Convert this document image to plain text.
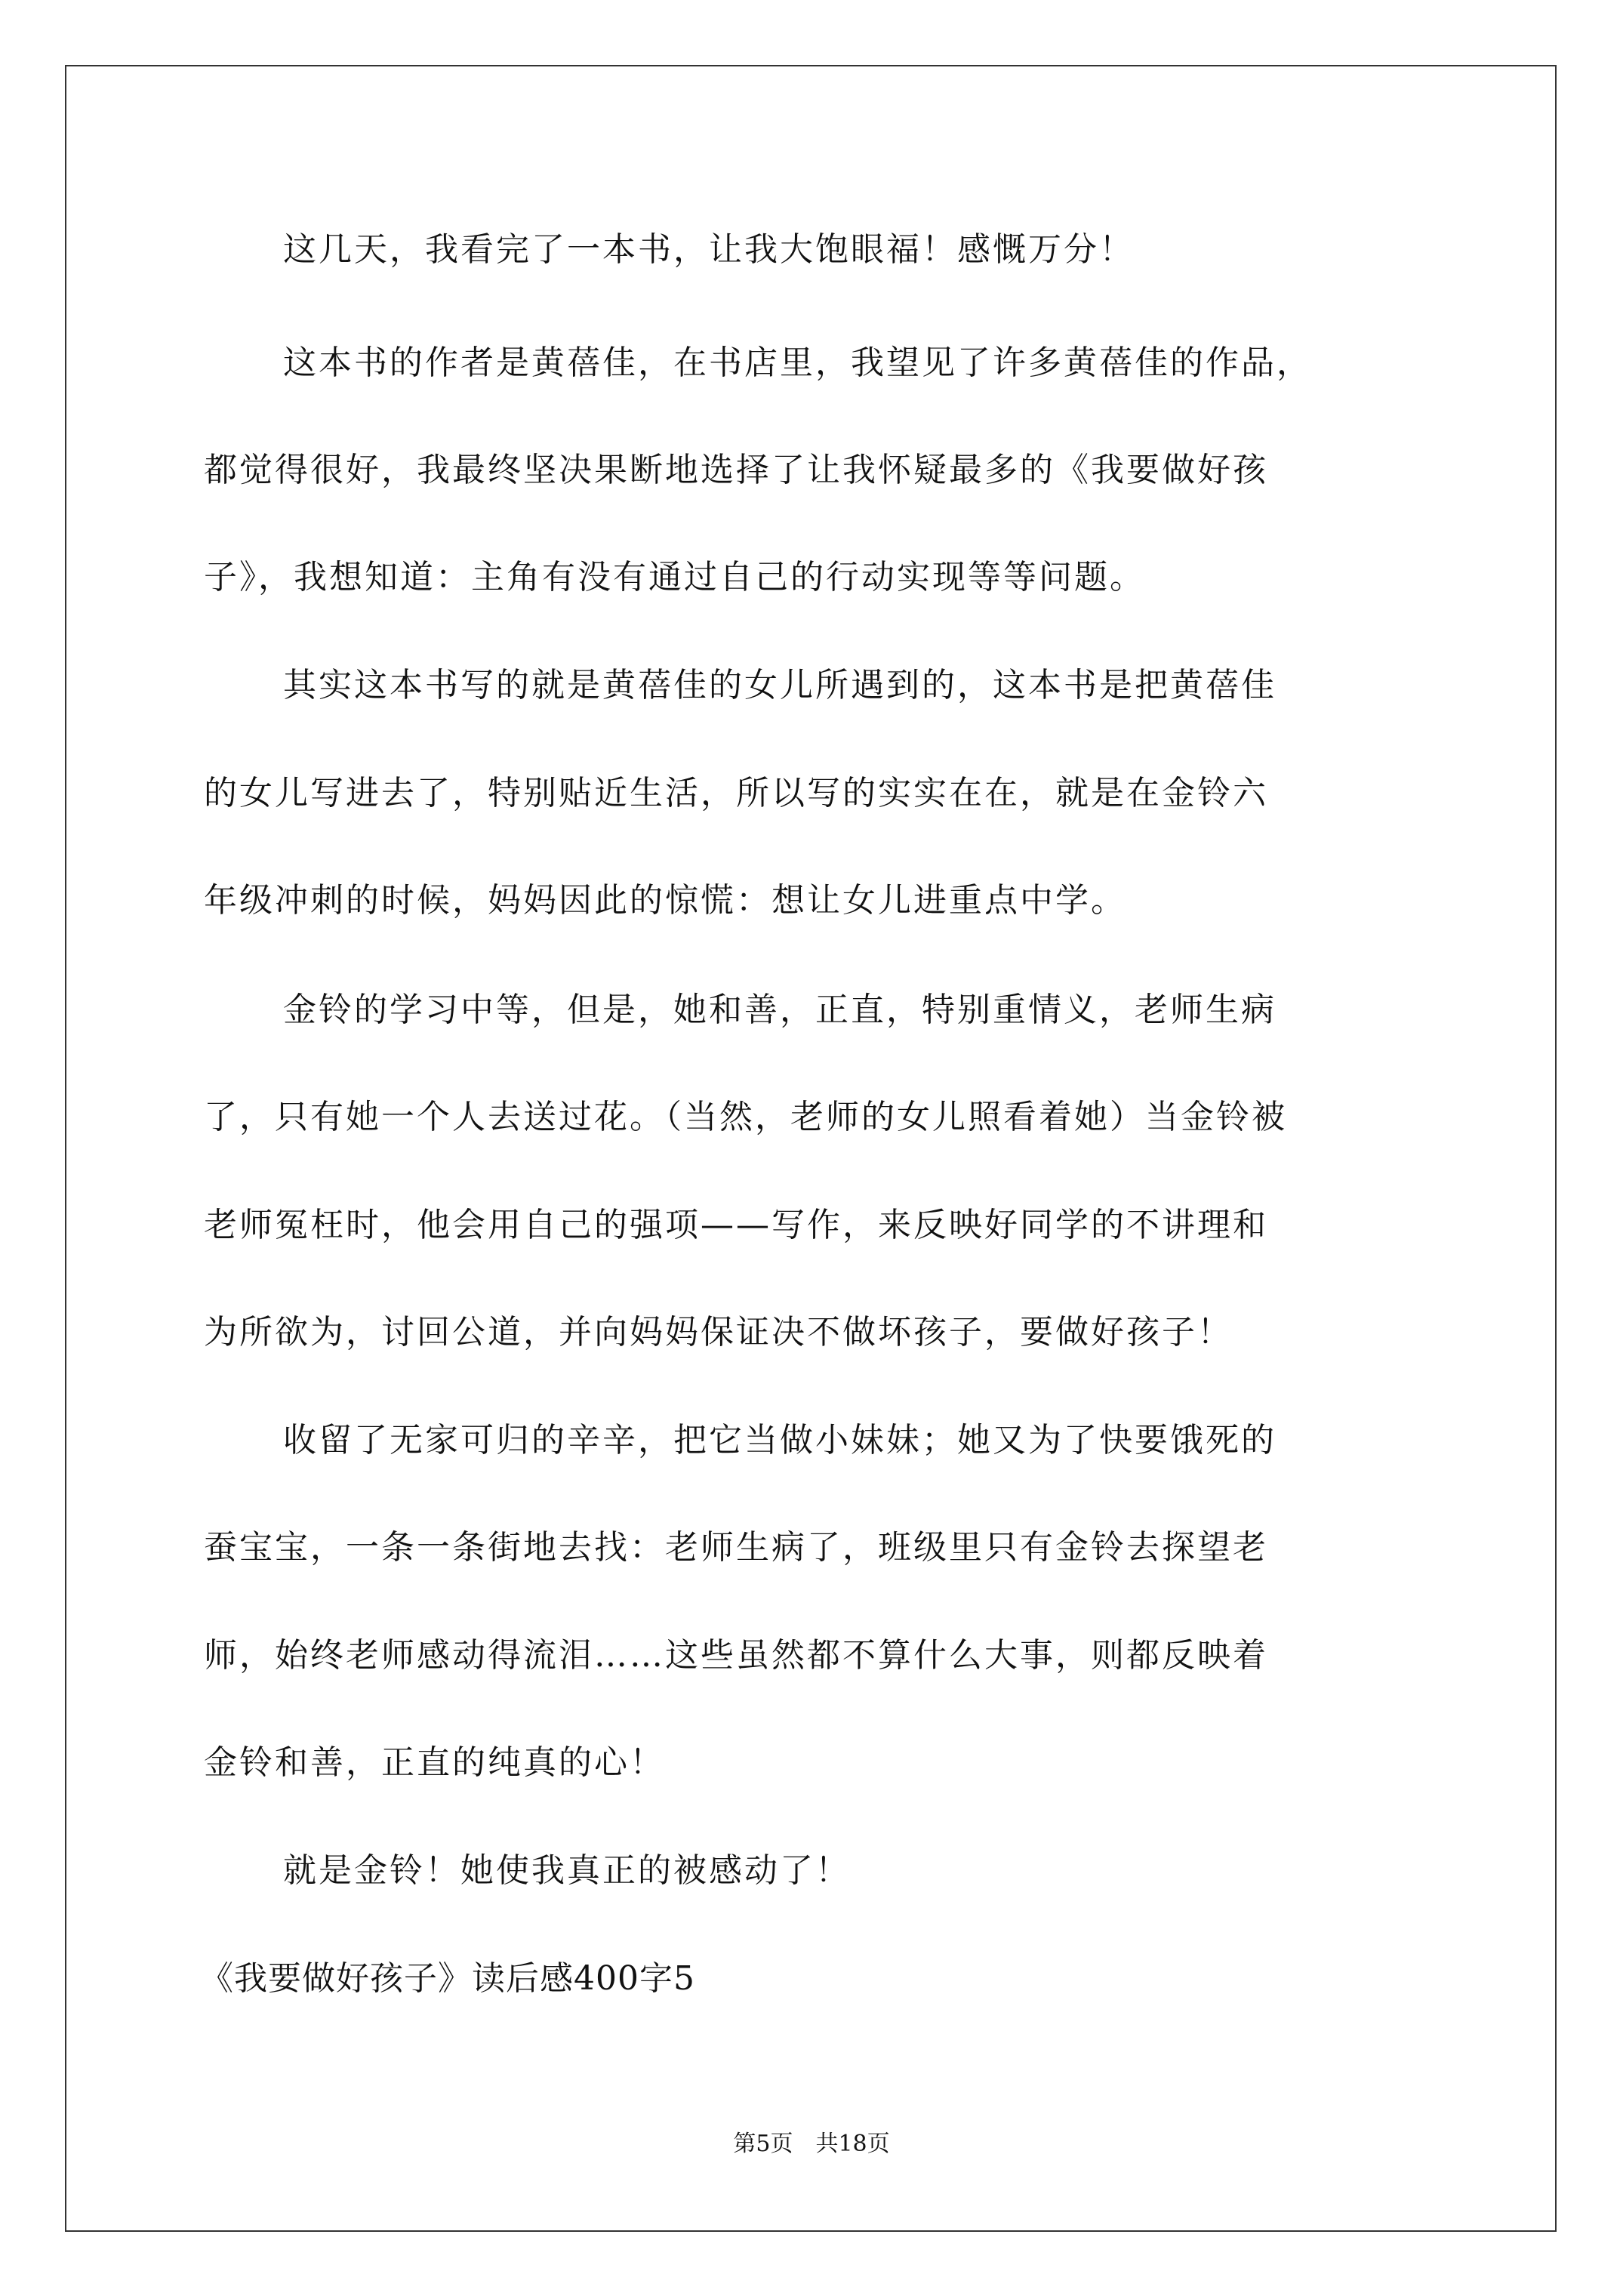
这几天，我看完了一本书，让我大饱眼福！感慨万分！
这本书的作者是黄蓓佳，在书店里，我望见了许多黄蓓佳的作品，
都觉得很好，我最终坚决果断地选择了让我怀疑最多的《我要做好孩
子》，我想知道：主角有没有通过自己的行动实现等等问题。
其实这本书写的就是黄蓓佳的女儿所遇到的，这本书是把黄蓓佳
的女儿写进去了，特别贴近生活，所以写的实实在在，就是在金铃六
年级冲刺的时候，妈妈因此的惊慌：想让女儿进重点中学。
金铃的学习中等，但是，她和善，正直，特别重情义，老师生病
了，只有她一个人去送过花。（当然，老师的女儿照看着她）当金铃被
老师冤枉时，他会用自己的强项——写作，来反映好同学的不讲理和
为所欲为，讨回公道，并向妈妈保证决不做坏孩子，要做好孩子！
收留了无家可归的辛辛，把它当做小妹妹；她又为了快要饿死的
蚕宝宝，一条一条街地去找：老师生病了，班级里只有金铃去探望老
师，始终老师感动得流泪……这些虽然都不算什么大事，则都反映着
金铃和善，正直的纯真的心！
就是金铃！她使我真正的被感动了！
《我要做好孩子》读后感400字5
第5页　共18页
